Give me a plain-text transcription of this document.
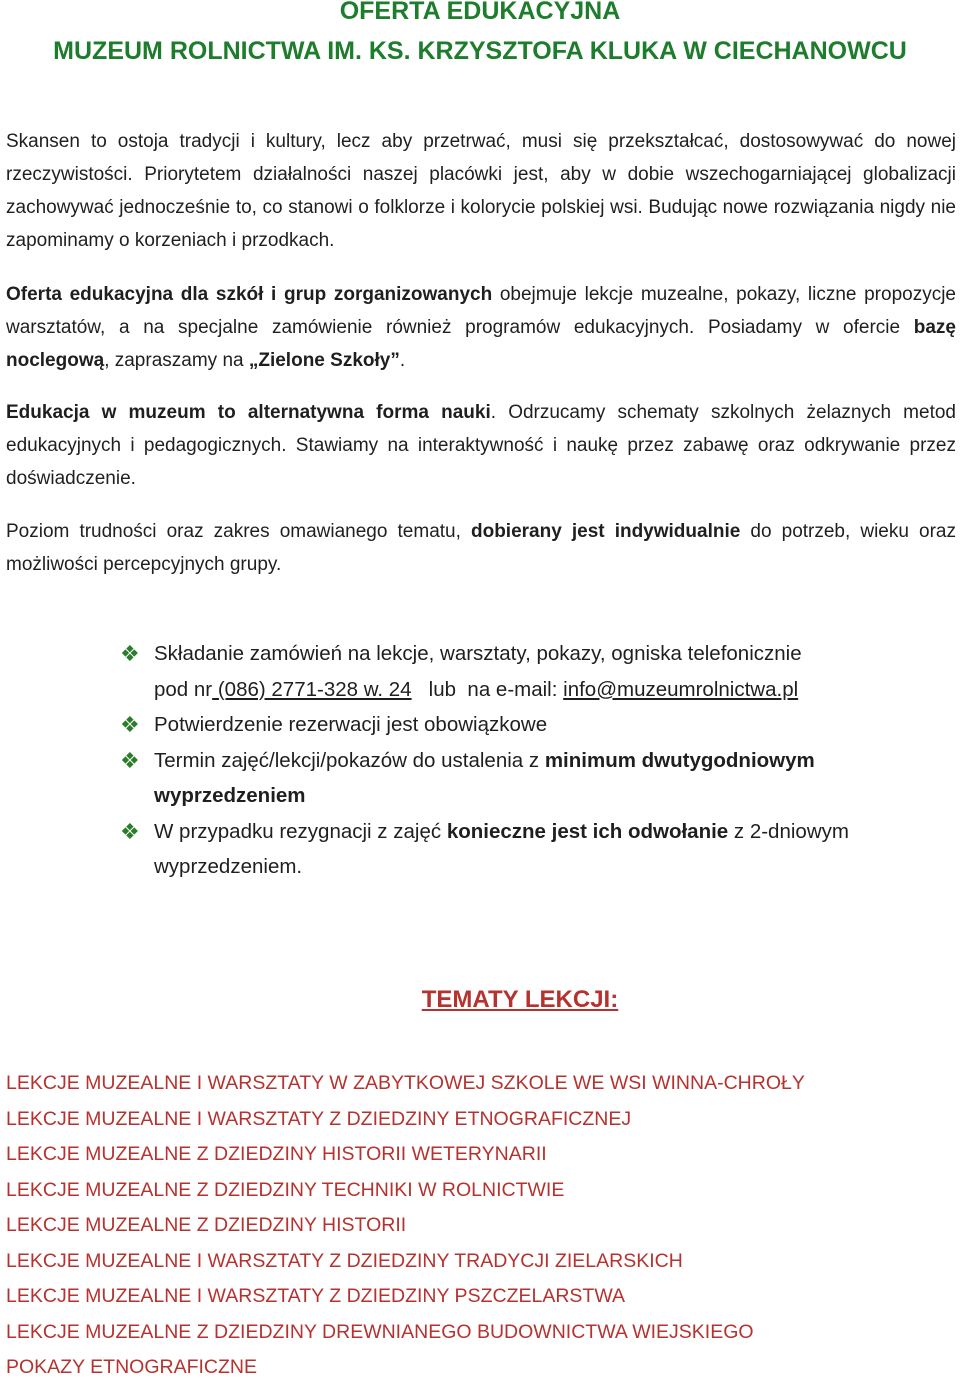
OFERTA EDUKACYJNA
MUZEUM ROLNICTWA IM. KS. KRZYSZTOFA KLUKA W CIECHANOWCU

Skansen to ostoja tradycji i kultury, lecz aby przetrwać, musi się przekształcać, dostosowywać do nowej rzeczywistości. Priorytetem działalności naszej placówki jest, aby w dobie wszechogarniającej globalizacji zachowywać jednocześnie to, co stanowi o folklorze i kolorycie polskiej wsi. Budując nowe rozwiązania nigdy nie zapominamy o korzeniach i przodkach.

Oferta edukacyjna dla szkół i grup zorganizowanych obejmuje lekcje muzealne, pokazy, liczne propozycje warsztatów, a na specjalne zamówienie również programów edukacyjnych. Posiadamy w ofercie bazę noclegową, zapraszamy na „Zielone Szkoły”.

Edukacja w muzeum to alternatywna forma nauki. Odrzucamy schematy szkolnych żelaznych metod edukacyjnych i pedagogicznych. Stawiamy na interaktywność i naukę przez zabawę oraz odkrywanie przez doświadczenie.

Poziom trudności oraz zakres omawianego tematu, dobierany jest indywidualnie do potrzeb, wieku oraz możliwości percepcyjnych grupy.

❖ Składanie zamówień na lekcje, warsztaty, pokazy, ogniska telefonicznie
pod nr (086) 2771-328 w. 24   lub  na e-mail: info@muzeumrolnictwa.pl
❖ Potwierdzenie rezerwacji jest obowiązkowe
❖ Termin zajęć/lekcji/pokazów do ustalenia z minimum dwutygodniowym wyprzedzeniem
❖ W przypadku rezygnacji z zajęć konieczne jest ich odwołanie z 2-dniowym wyprzedzeniem.
TEMATY LEKCJI:
LEKCJE MUZEALNE I WARSZTATY W ZABYTKOWEJ SZKOLE WE WSI WINNA-CHROŁY
LEKCJE MUZEALNE I WARSZTATY Z DZIEDZINY ETNOGRAFICZNEJ
LEKCJE MUZEALNE Z DZIEDZINY HISTORII WETERYNARII
LEKCJE MUZEALNE Z DZIEDZINY TECHNIKI W ROLNICTWIE
LEKCJE MUZEALNE Z DZIEDZINY HISTORII
LEKCJE MUZEALNE I WARSZTATY Z DZIEDZINY TRADYCJI ZIELARSKICH
LEKCJE MUZEALNE I WARSZTATY Z DZIEDZINY PSZCZELARSTWA
LEKCJE MUZEALNE Z DZIEDZINY DREWNIANEGO BUDOWNICTWA WIEJSKIEGO
POKAZY ETNOGRAFICZNE
